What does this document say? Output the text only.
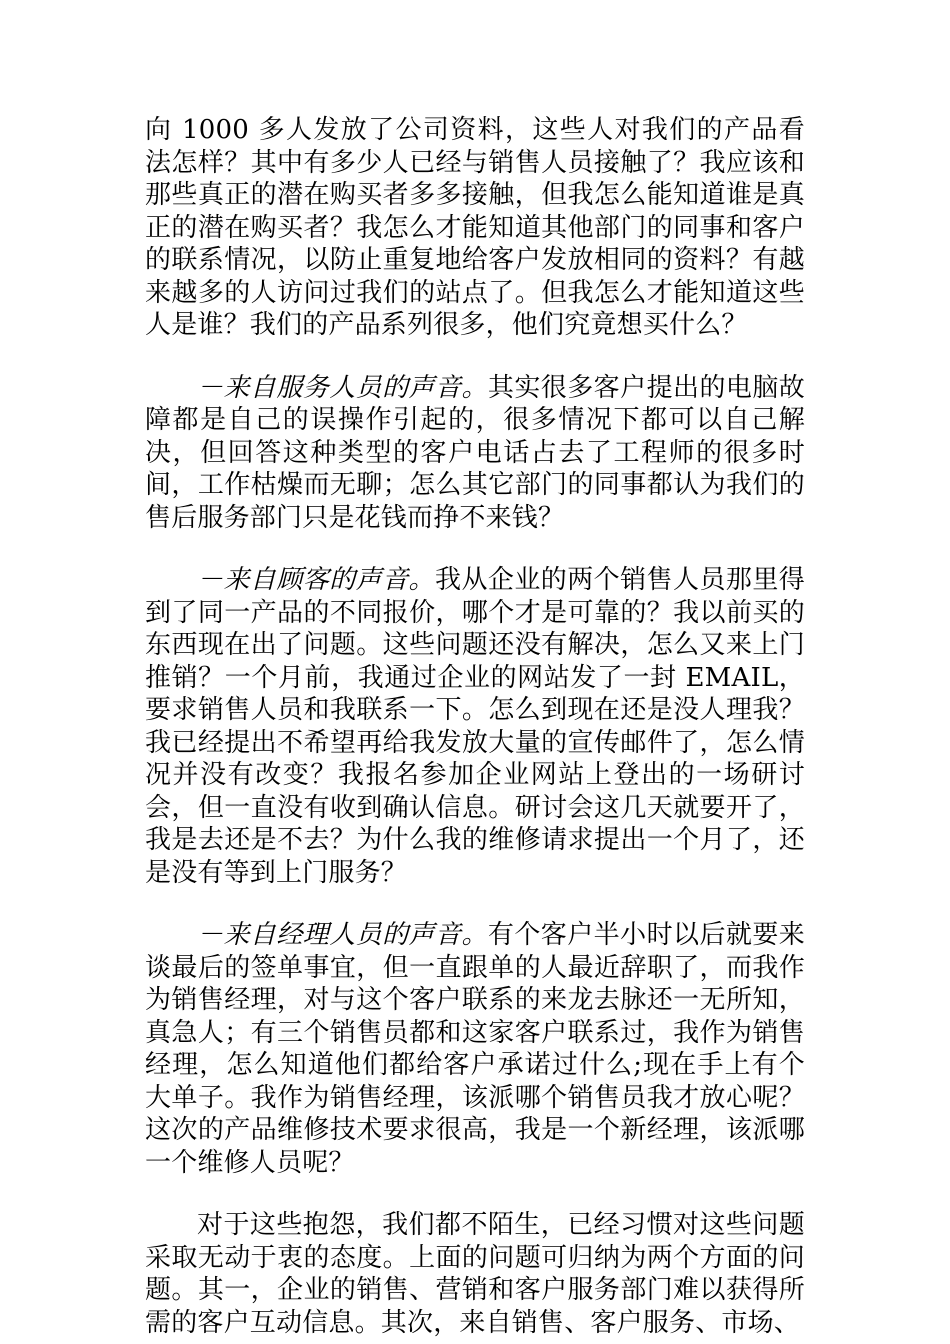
向 1000 多人发放了公司资料，这些人对我们的产品看法怎样？其中有多少人已经与销售人员接触了？我应该和那些真正的潜在购买者多多接触，但我怎么能知道谁是真正的潜在购买者？我怎么才能知道其他部门的同事和客户的联系情况，以防止重复地给客户发放相同的资料？有越来越多的人访问过我们的站点了。但我怎么才能知道这些人是谁？我们的产品系列很多，他们究竟想买什么？

－来自服务人员的声音。其实很多客户提出的电脑故障都是自己的误操作引起的，很多情况下都可以自己解决，但回答这种类型的客户电话占去了工程师的很多时间，工作枯燥而无聊；怎么其它部门的同事都认为我们的售后服务部门只是花钱而挣不来钱？

－来自顾客的声音。我从企业的两个销售人员那里得到了同一产品的不同报价，哪个才是可靠的？我以前买的东西现在出了问题。这些问题还没有解决，怎么又来上门推销？一个月前，我通过企业的网站发了一封 EMAIL，要求销售人员和我联系一下。怎么到现在还是没人理我？我已经提出不希望再给我发放大量的宣传邮件了，怎么情况并没有改变？我报名参加企业网站上登出的一场研讨会，但一直没有收到确认信息。研讨会这几天就要开了，我是去还是不去？为什么我的维修请求提出一个月了，还是没有等到上门服务？

－来自经理人员的声音。有个客户半小时以后就要来谈最后的签单事宜，但一直跟单的人最近辞职了，而我作为销售经理，对与这个客户联系的来龙去脉还一无所知，真急人；有三个销售员都和这家客户联系过，我作为销售经理，怎么知道他们都给客户承诺过什么;现在手上有个大单子。我作为销售经理，该派哪个销售员我才放心呢？这次的产品维修技术要求很高，我是一个新经理，该派哪一个维修人员呢？

对于这些抱怨，我们都不陌生，已经习惯对这些问题采取无动于衷的态度。上面的问题可归纳为两个方面的问题。其一，企业的销售、营销和客户服务部门难以获得所需的客户互动信息。其次，来自销售、客户服务、市场、
